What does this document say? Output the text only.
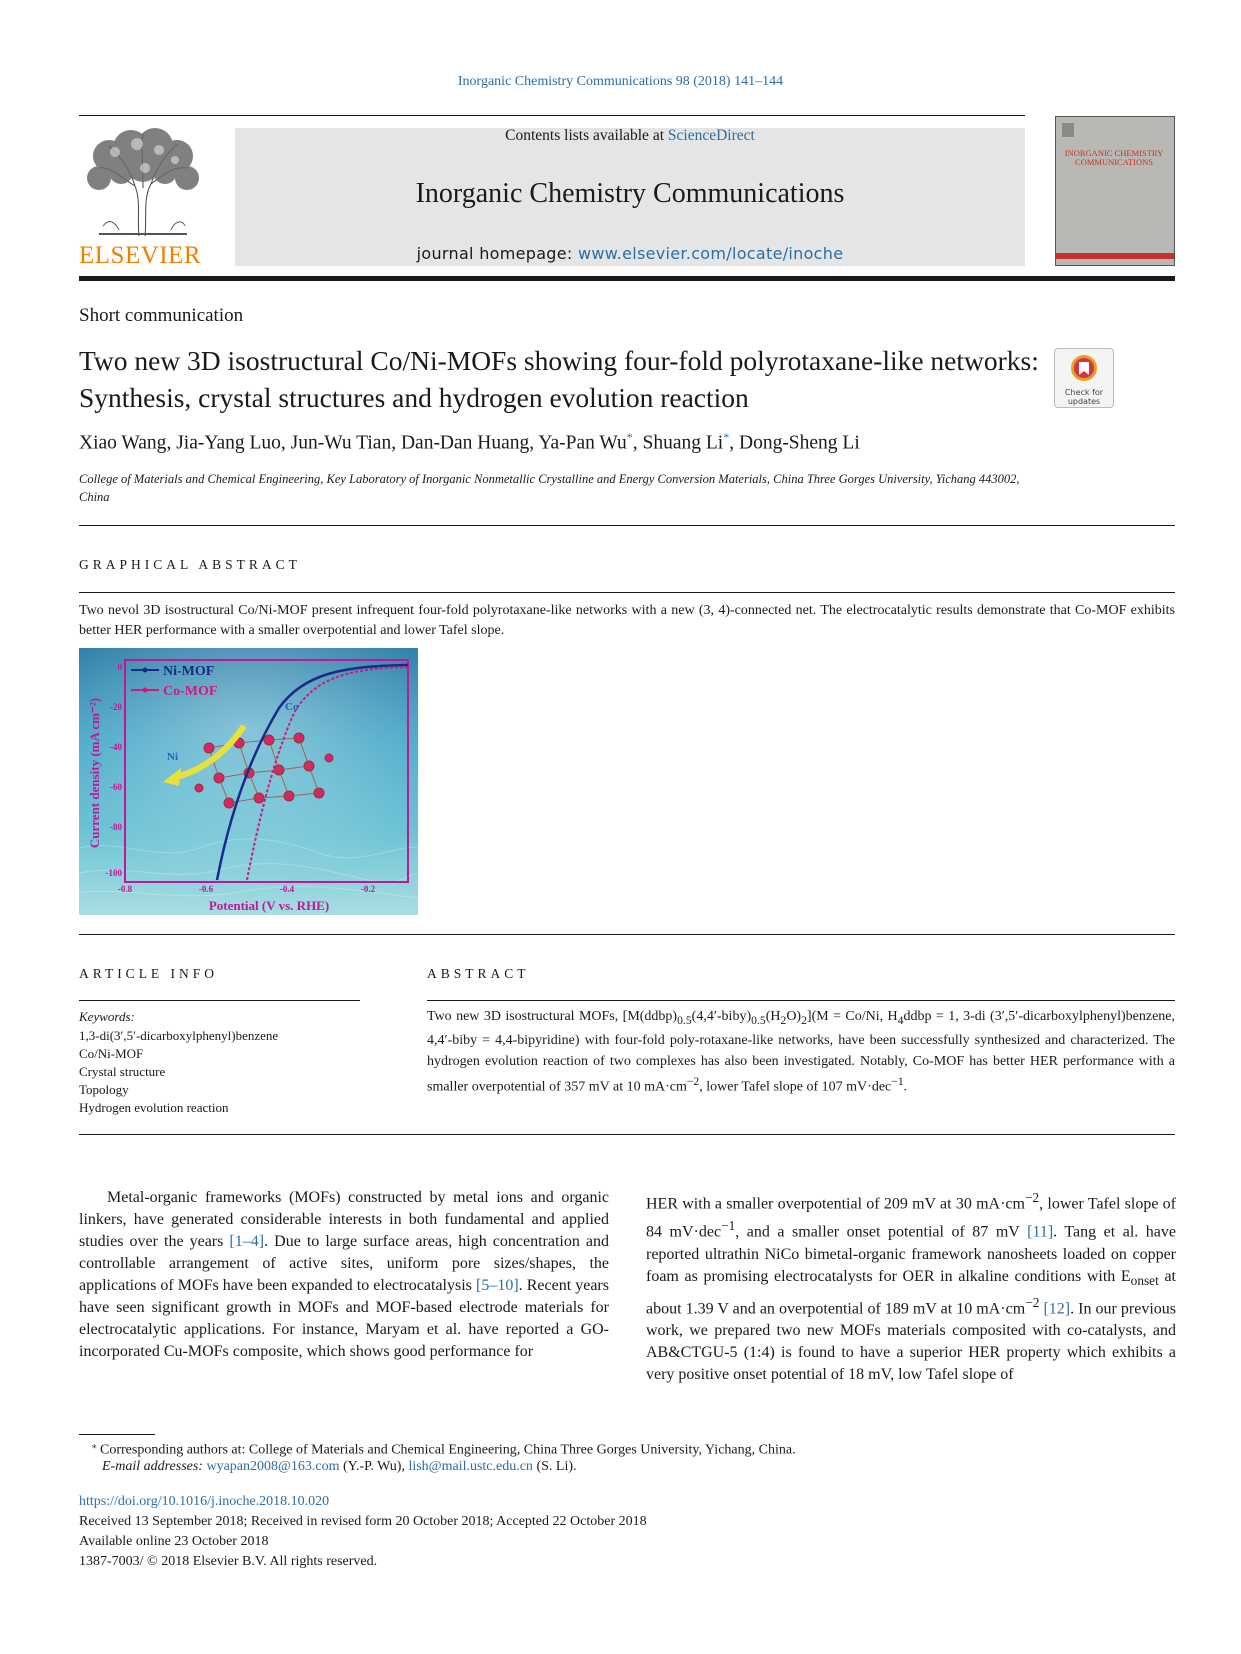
Inorganic Chemistry Communications 98 (2018) 141–144
ELSEVIER
Contents lists available at ScienceDirect
Inorganic Chemistry Communications
journal homepage: www.elsevier.com/locate/inoche
INORGANIC CHEMISTRY COMMUNICATIONS
Short communication
Two new 3D isostructural Co/Ni-MOFs showing four-fold polyrotaxane-like networks: Synthesis, crystal structures and hydrogen evolution reaction	Check for updates
Xiao Wang, Jia-Yang Luo, Jun-Wu Tian, Dan-Dan Huang, Ya-Pan Wu*, Shuang Li*, Dong-Sheng Li
College of Materials and Chemical Engineering, Key Laboratory of Inorganic Nonmetallic Crystalline and Energy Conversion Materials, China Three Gorges University, Yichang 443002, China
GRAPHICAL ABSTRACT
Two nevol 3D isostructural Co/Ni-MOF present infrequent four-fold polyrotaxane-like networks with a new (3, 4)-connected net. The electrocatalytic results demonstrate that Co-MOF exhibits better HER performance with a smaller overpotential and lower Tafel slope.
0
-20
-40
-60
-80
-100
-0.8	-0.6	-0.4	-0.2
Current density (mA cm⁻²)
Potential (V vs. RHE)
Ni-MOF
Co-MOF
Ni
Co
ARTICLE INFO
Keywords:
1,3-di(3′,5′-dicarboxylphenyl)benzene
Co/Ni-MOF
Crystal structure
Topology
Hydrogen evolution reaction
ABSTRACT
Two new 3D isostructural MOFs, $[M(ddbp)_{0.5}(4,4'-biby)_{0.5}(H_2O)_2](M = Co/Ni$, $H_4ddbp = 1$, 3-di (3′,5′-dicarboxylphenyl)benzene, 4,4′-biby = 4,4-bipyridine) with four-fold poly-rotaxane-like networks, have been successfully synthesized and characterized. The hydrogen evolution reaction of two complexes has also been investigated. Notably, Co-MOF has better HER performance with a smaller overpotential of 357 mV at 10 $mA\cdot cm^{-2}$, lower Tafel slope of 107 mV·dec$^{-1}$.
Metal-organic frameworks (MOFs) constructed by metal ions and organic linkers, have generated considerable interests in both fundamental and applied studies over the years [1–4]. Due to large surface areas, high concentration and controllable arrangement of active sites, uniform pore sizes/shapes, the applications of MOFs have been expanded to electrocatalysis [5–10]. Recent years have seen significant growth in MOFs and MOF-based electrode materials for electrocatalytic applications. For instance, Maryam et al. have reported a GO-incorporated Cu-MOFs composite, which shows good performance for
HER with a smaller overpotential of 209 mV at 30 $mA\cdot cm^{-2}$, lower Tafel slope of 84 mV·dec$^{-1}$, and a smaller onset potential of 87 mV [11]. Tang et al. have reported ultrathin NiCo bimetal-organic framework nanosheets loaded on copper foam as promising electrocatalysts for OER in alkaline conditions with $E_{onset}$ at about 1.39 V and an overpotential of 189 mV at 10 $mA\cdot cm^{-2}$ [12]. In our previous work, we prepared two new MOFs materials composited with co-catalysts, and AB&CTGU-5 (1:4) is found to have a superior HER property which exhibits a very positive onset potential of 18 mV, low Tafel slope of
⁎ Corresponding authors at: College of Materials and Chemical Engineering, China Three Gorges University, Yichang, China.
E-mail addresses: wyapan2008@163.com (Y.-P. Wu), lish@mail.ustc.edu.cn (S. Li).
https://doi.org/10.1016/j.inoche.2018.10.020
Received 13 September 2018; Received in revised form 20 October 2018; Accepted 22 October 2018
Available online 23 October 2018
1387-7003/ © 2018 Elsevier B.V. All rights reserved.
